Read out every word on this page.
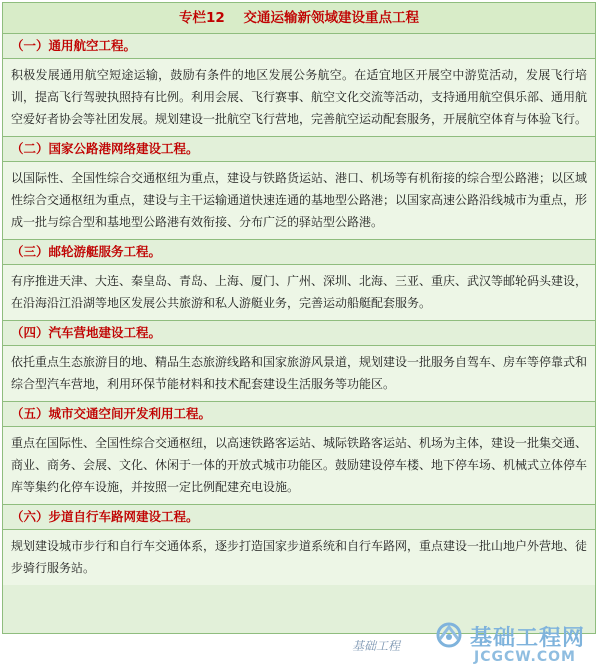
专栏12    交通运输新领域建设重点工程
（一）通用航空工程。
积极发展通用航空短途运输，鼓励有条件的地区发展公务航空。在适宜地区开展空中游览活动，发展飞行培训，提高飞行驾驶执照持有比例。利用会展、飞行赛事、航空文化交流等活动，支持通用航空俱乐部、通用航空爱好者协会等社团发展。规划建设一批航空飞行营地，完善航空运动配套服务，开展航空体育与体验飞行。
（二）国家公路港网络建设工程。
以国际性、全国性综合交通枢纽为重点，建设与铁路货运站、港口、机场等有机衔接的综合型公路港；以区域性综合交通枢纽为重点，建设与主干运输通道快速连通的基地型公路港；以国家高速公路沿线城市为重点，形成一批与综合型和基地型公路港有效衔接、分布广泛的驿站型公路港。
（三）邮轮游艇服务工程。
有序推进天津、大连、秦皇岛、青岛、上海、厦门、广州、深圳、北海、三亚、重庆、武汉等邮轮码头建设，在沿海沿江沿湖等地区发展公共旅游和私人游艇业务，完善运动船艇配套服务。
（四）汽车营地建设工程。
依托重点生态旅游目的地、精品生态旅游线路和国家旅游风景道，规划建设一批服务自驾车、房车等停靠式和综合型汽车营地，利用环保节能材料和技术配套建设生活服务等功能区。
（五）城市交通空间开发利用工程。
重点在国际性、全国性综合交通枢纽，以高速铁路客运站、城际铁路客运站、机场为主体，建设一批集交通、商业、商务、会展、文化、休闲于一体的开放式城市功能区。鼓励建设停车楼、地下停车场、机械式立体停车库等集约化停车设施，并按照一定比例配建充电设施。
（六）步道自行车路网建设工程。
规划建设城市步行和自行车交通体系，逐步打造国家步道系统和自行车路网，重点建设一批山地户外营地、徒步骑行服务站。
基础工程	基础工程网
JCGCW.COM
